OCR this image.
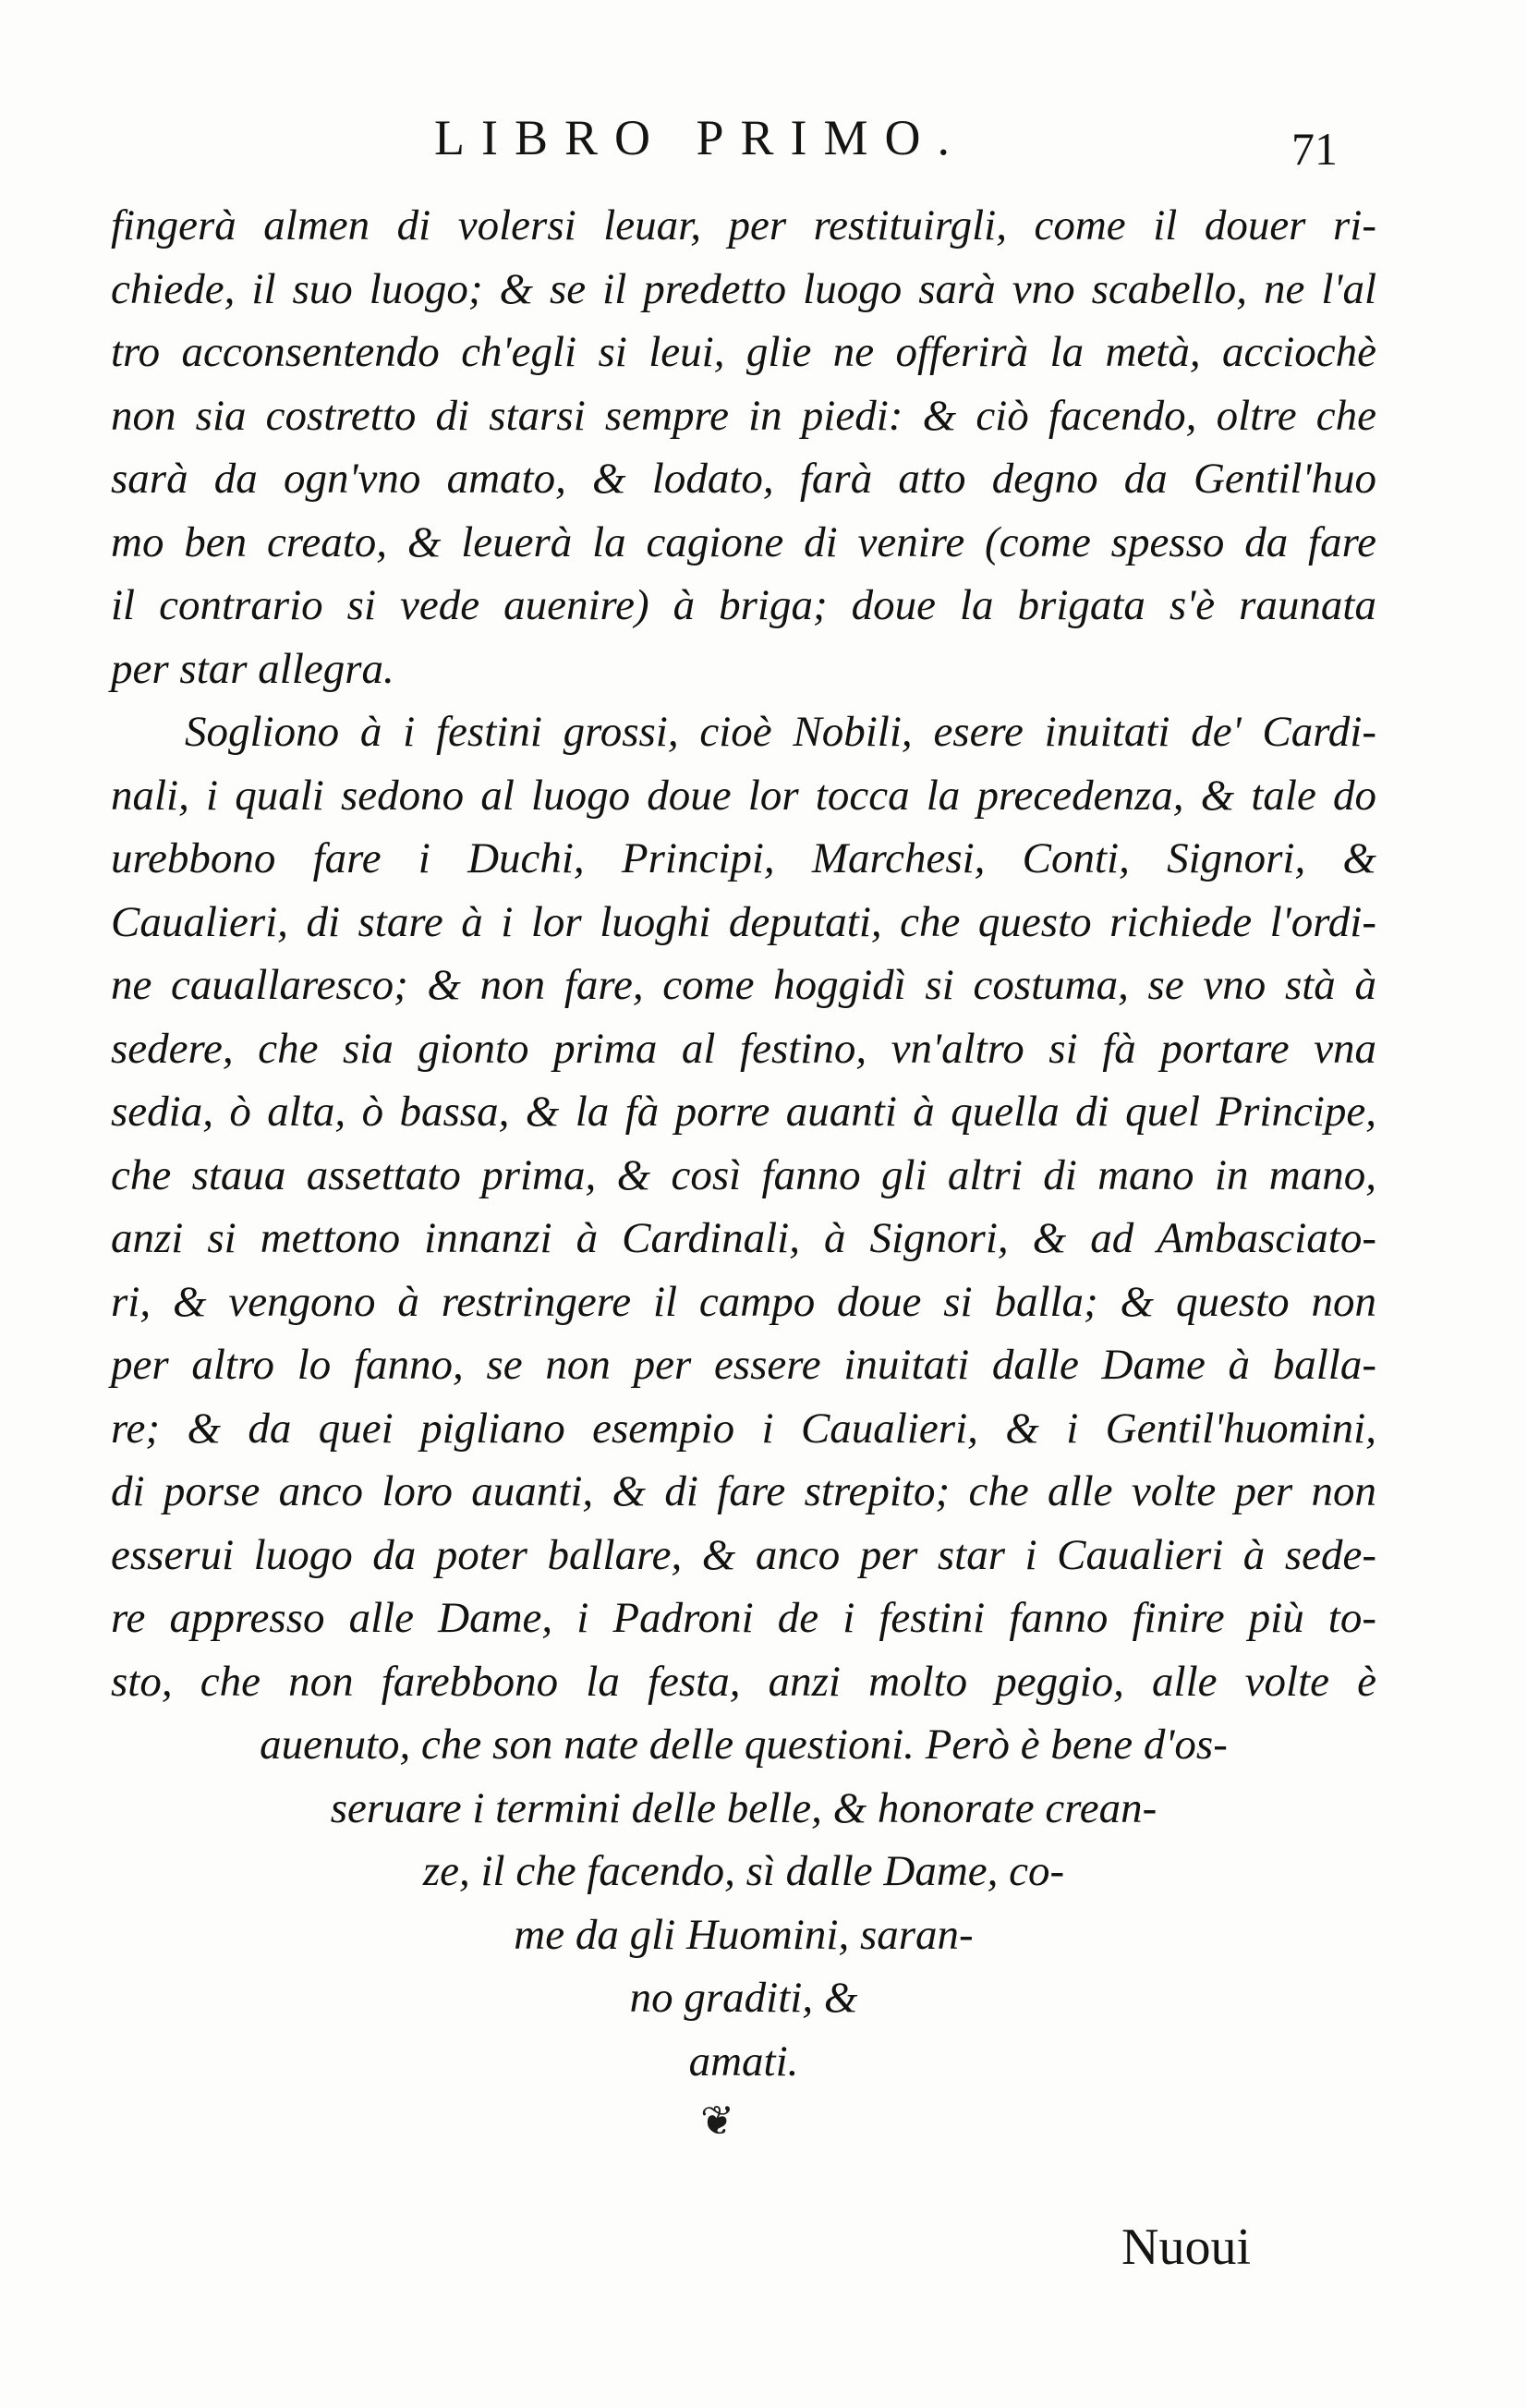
LIBRO PRIMO.	71
fingerà almen di volersi leuar, per restituirgli, come il douer ri-
chiede, il suo luogo; & se il predetto luogo sarà vno scabello, ne l'al
tro acconsentendo ch'egli si leui, glie ne offerirà la metà, acciochè
non sia costretto di starsi sempre in piedi: & ciò facendo, oltre che
sarà da ogn'vno amato, & lodato, farà atto degno da Gentil'huo
mo ben creato, & leuerà la cagione di venire (come spesso da fare
il contrario si vede auenire) à briga; doue la brigata s'è raunata
per star allegra.
Sogliono à i festini grossi, cioè Nobili, esere inuitati de' Cardi-
nali, i quali sedono al luogo doue lor tocca la precedenza, & tale do
urebbono fare i Duchi, Principi, Marchesi, Conti, Signori, &
Caualieri, di stare à i lor luoghi deputati, che questo richiede l'ordi-
ne cauallaresco; & non fare, come hoggidì si costuma, se vno stà à
sedere, che sia gionto prima al festino, vn'altro si fà portare vna
sedia, ò alta, ò bassa, & la fà porre auanti à quella di quel Principe,
che staua assettato prima, & così fanno gli altri di mano in mano,
anzi si mettono innanzi à Cardinali, à Signori, & ad Ambasciato-
ri, & vengono à restringere il campo doue si balla; & questo non
per altro lo fanno, se non per essere inuitati dalle Dame à balla-
re; & da quei pigliano esempio i Caualieri, & i Gentil'huomini,
di porse anco loro auanti, & di fare strepito; che alle volte per non
esserui luogo da poter ballare, & anco per star i Caualieri à sede-
re appresso alle Dame, i Padroni de i festini fanno finire più to-
sto, che non farebbono la festa, anzi molto peggio, alle volte è
auenuto, che son nate delle questioni. Però è bene d'os-
seruare i termini delle belle, & honorate crean-
ze, il che facendo, sì dalle Dame, co-
me da gli Huomini, saran-
no graditi, &
amati.
❦
Nuoui
